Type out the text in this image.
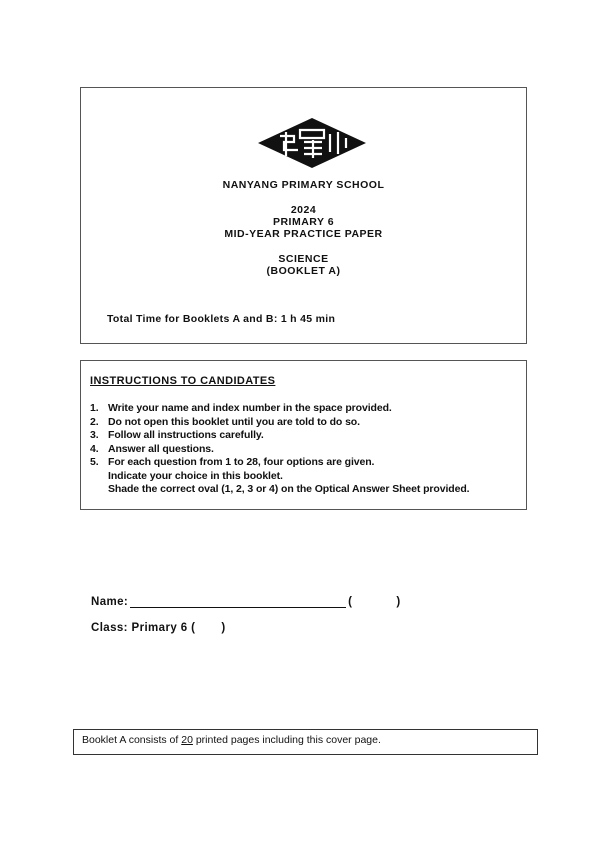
NANYANG PRIMARY SCHOOL
2024
PRIMARY 6
MID-YEAR PRACTICE PAPER
SCIENCE
(BOOKLET A)
Total Time for Booklets A and B: 1 h 45 min
INSTRUCTIONS TO CANDIDATES
1. Write your name and index number in the space provided.
2. Do not open this booklet until you are told to do so.
3. Follow all instructions carefully.
4. Answer all questions.
5. For each question from 1 to 28, four options are given.
Indicate your choice in this booklet.
Shade the correct oval (1, 2, 3 or 4) on the Optical Answer Sheet provided.
Name:	(	)
Class: Primary 6 ( )
Booklet A consists of 20 printed pages including this cover page.
